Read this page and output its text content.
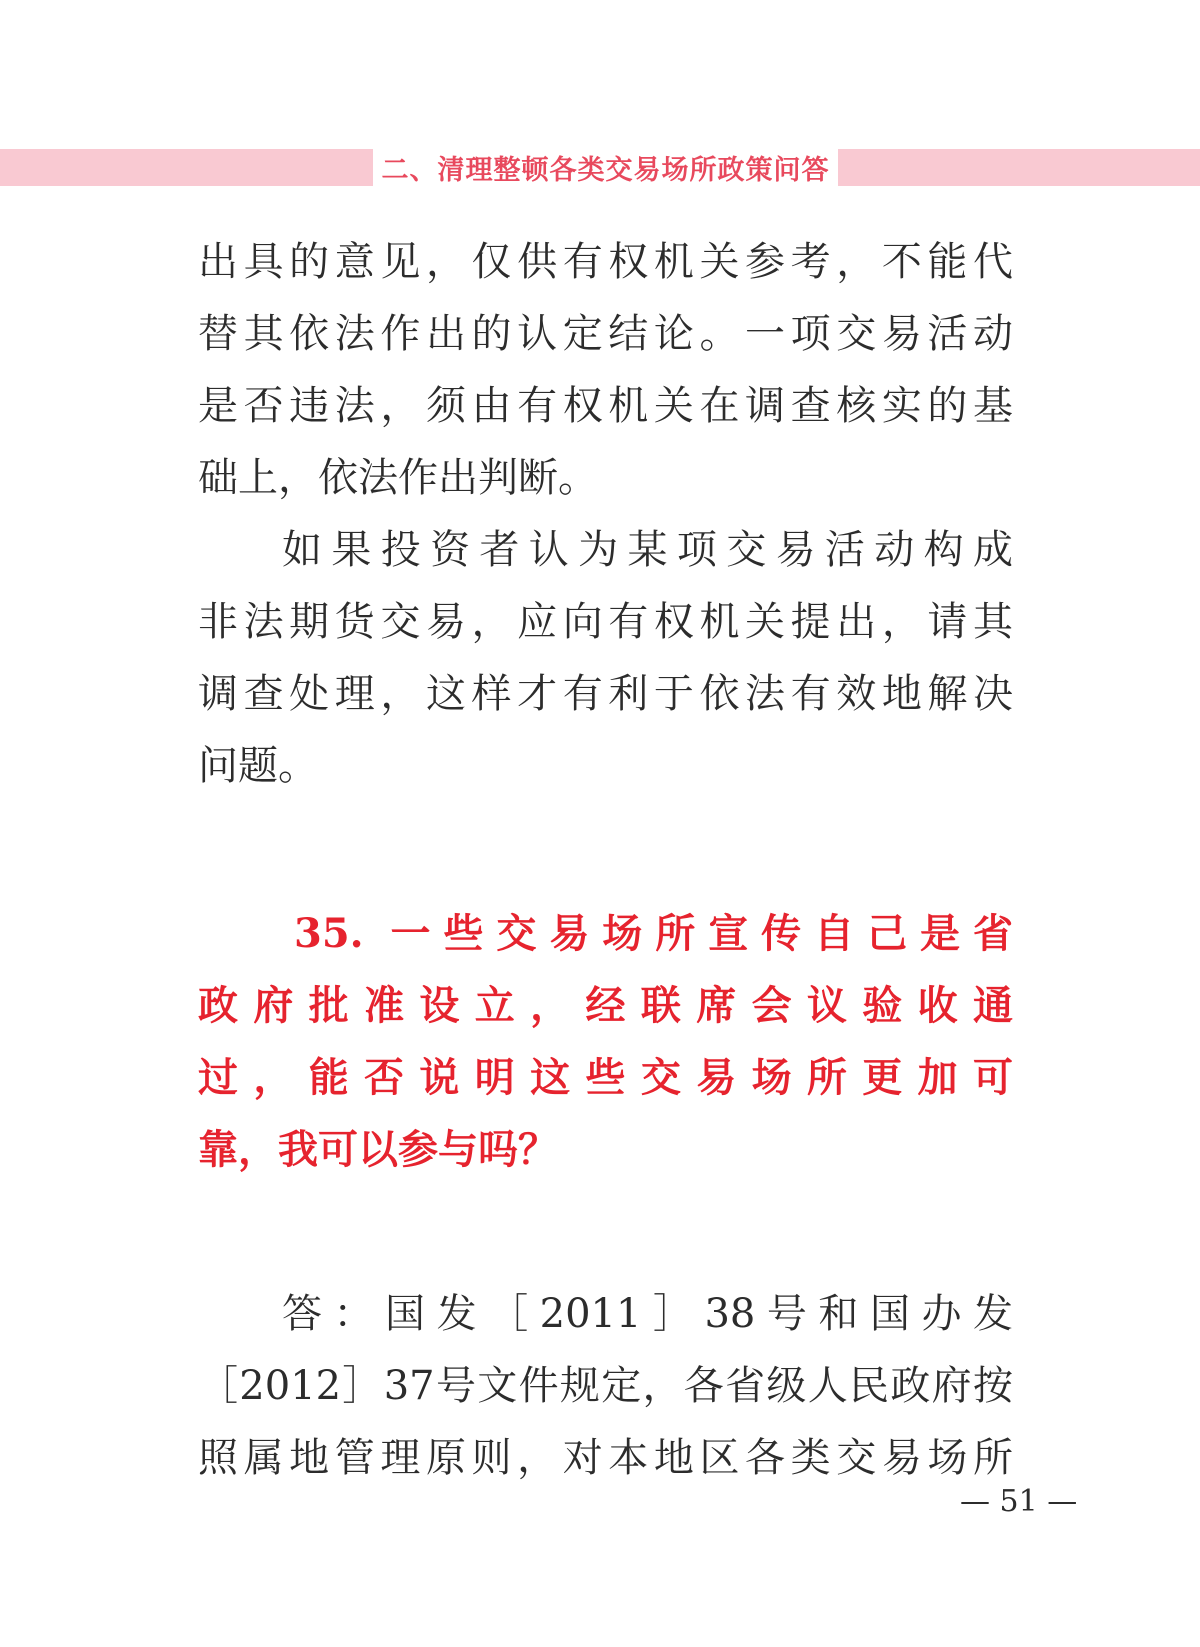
二、清理整顿各类交易场所政策问答
出具的意见，仅供有权机关参考，不能代
替其依法作出的认定结论。一项交易活动
是否违法，须由有权机关在调查核实的基
础上，依法作出判断。
如果投资者认为某项交易活动构成
非法期货交易，应向有权机关提出，请其
调查处理，这样才有利于依法有效地解决
问题。
35. 一些交易场所宣传自己是省
政府批准设立，经联席会议验收通
过，能否说明这些交易场所更加可
靠，我可以参与吗？
答：国发［2011］38号和国办发
［2012］37号文件规定，各省级人民政府按
照属地管理原则，对本地区各类交易场所
— 51 —
